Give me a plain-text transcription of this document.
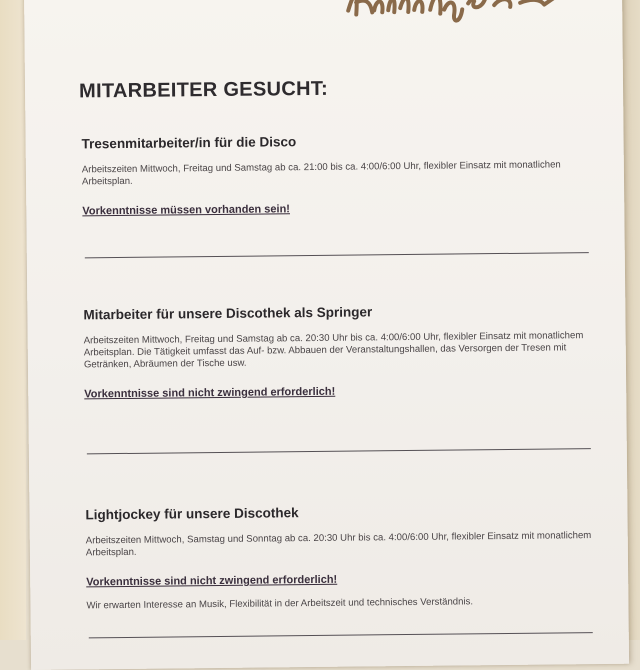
MITARBEITER GESUCHT:

Tresenmitarbeiter/in für die Disco

Arbeitszeiten Mittwoch, Freitag und Samstag ab ca. 21:00 bis ca. 4:00/6:00 Uhr, flexibler Einsatz mit monatlichen Arbeitsplan.

Vorkenntnisse müssen vorhanden sein!

Mitarbeiter für unsere Discothek als Springer

Arbeitszeiten Mittwoch, Freitag und Samstag ab ca. 20:30 Uhr bis ca. 4:00/6:00 Uhr, flexibler Einsatz mit monatlichem Arbeitsplan. Die Tätigkeit umfasst das Auf- bzw. Abbauen der Veranstaltungshallen, das Versorgen der Tresen mit Getränken, Abräumen der Tische usw.

Vorkenntnisse sind nicht zwingend erforderlich!

Lightjockey für unsere Discothek

Arbeitszeiten Mittwoch, Samstag und Sonntag ab ca. 20:30 Uhr bis ca. 4:00/6:00 Uhr, flexibler Einsatz mit monatlichem Arbeitsplan.

Vorkenntnisse sind nicht zwingend erforderlich!

Wir erwarten Interesse an Musik, Flexibilität in der Arbeitszeit und technisches Verständnis.
